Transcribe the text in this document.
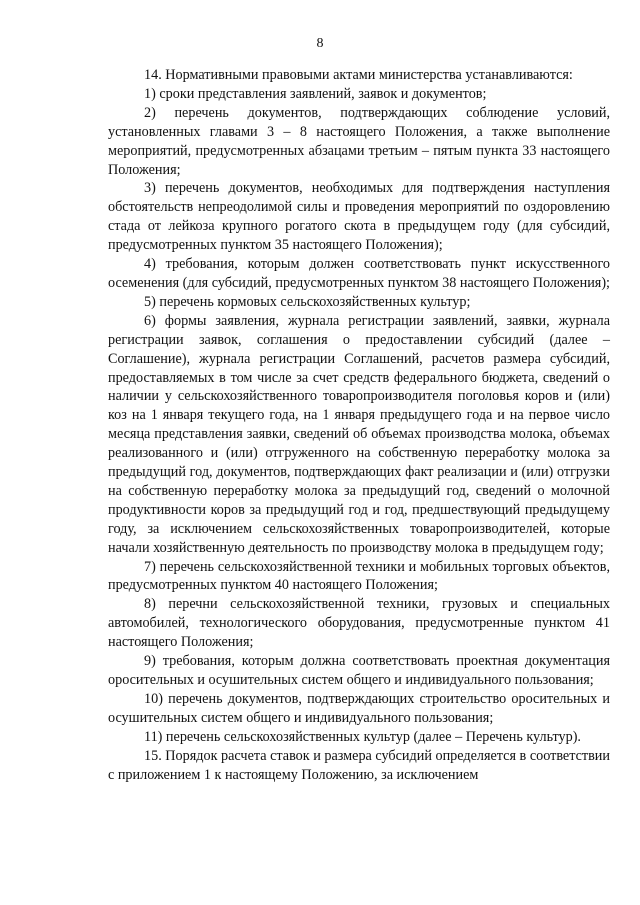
8

14. Нормативными правовыми актами министерства устанавливаются:

1) сроки представления заявлений, заявок и документов;

2) перечень документов, подтверждающих соблюдение условий, установленных главами 3 – 8 настоящего Положения, а также выполнение мероприятий, предусмотренных абзацами третьим – пятым пункта 33 настоящего Положения;

3) перечень документов, необходимых для подтверждения наступления обстоятельств непреодолимой силы и проведения мероприятий по оздоровлению стада от лейкоза крупного рогатого скота в предыдущем году (для субсидий, предусмотренных пунктом 35 настоящего Положения);

4) требования, которым должен соответствовать пункт искусственного осеменения (для субсидий, предусмотренных пунктом 38 настоящего Положения);

5) перечень кормовых сельскохозяйственных культур;

6) формы заявления, журнала регистрации заявлений, заявки, журнала регистрации заявок, соглашения о предоставлении субсидий (далее – Соглашение), журнала регистрации Соглашений, расчетов размера субсидий, предоставляемых в том числе за счет средств федерального бюджета, сведений о наличии у сельскохозяйственного товаропроизводителя поголовья коров и (или) коз на 1 января текущего года, на 1 января предыдущего года и на первое число месяца представления заявки, сведений об объемах производства молока, объемах реализованного и (или) отгруженного на собственную переработку молока за предыдущий год, документов, подтверждающих факт реализации и (или) отгрузки на собственную переработку молока за предыдущий год, сведений о молочной продуктивности коров за предыдущий год и год, предшествующий предыдущему году, за исключением сельскохозяйственных товаропроизводителей, которые начали хозяйственную деятельность по производству молока в предыдущем году;

7) перечень сельскохозяйственной техники и мобильных торговых объектов, предусмотренных пунктом 40 настоящего Положения;

8) перечни сельскохозяйственной техники, грузовых и специальных автомобилей, технологического оборудования, предусмотренные пунктом 41 настоящего Положения;

9) требования, которым должна соответствовать проектная документация оросительных и осушительных систем общего и индивидуального пользования;

10) перечень документов, подтверждающих строительство оросительных и осушительных систем общего и индивидуального пользования;

11) перечень сельскохозяйственных культур (далее – Перечень культур).

15. Порядок расчета ставок и размера субсидий определяется в соответствии с приложением 1 к настоящему Положению, за исключением
